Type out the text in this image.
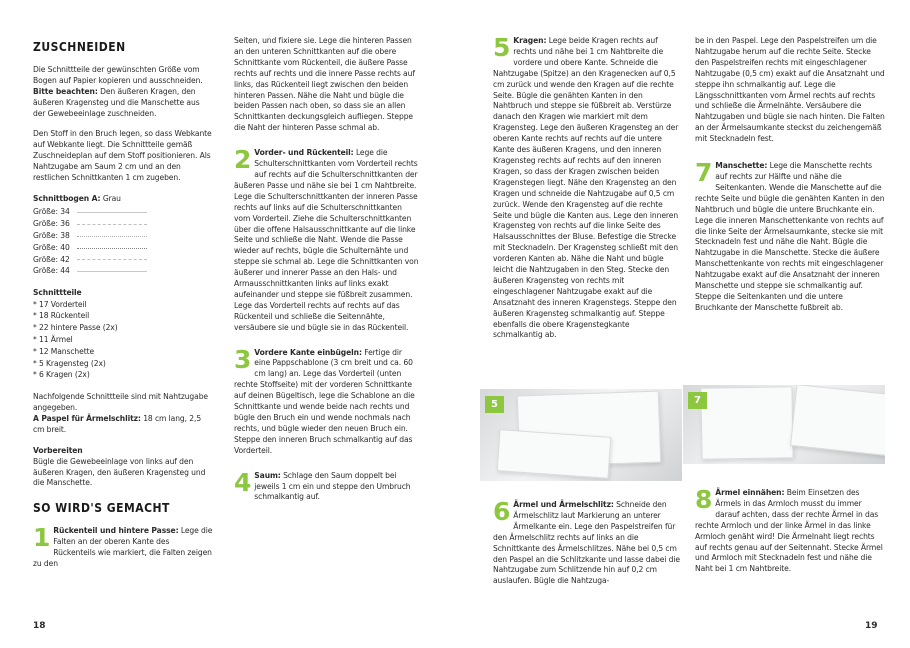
ZUSCHNEIDEN

Die Schnittteile der gewünschten Größe vom Bogen auf Papier kopieren und ausschneiden.
Bitte beachten: Den äußeren Kragen, den äußeren Kragensteg und die Manschette aus der Gewebeeinlage zuschneiden.

Den Stoff in den Bruch legen, so dass Webkante auf Webkante liegt. Die Schnittteile gemäß Zuschneideplan auf dem Stoff positionieren. Als Nahtzugabe am Saum 2 cm und an den restlichen Schnittkanten 1 cm zugeben.

Schnittbogen A: Grau
Größe: 34
Größe: 36
Größe: 38
Größe: 40
Größe: 42
Größe: 44
Schnittteile
* 17 Vorderteil
* 18 Rückenteil
* 22 hintere Passe (2x)
* 11 Ärmel
* 12 Manschette
* 5 Kragensteg (2x)
* 6 Kragen (2x)

Nachfolgende Schnittteile sind mit Nahtzugabe angegeben.
A Paspel für Ärmelschlitz: 18 cm lang, 2,5 cm breit.

Vorbereiten

Bügle die Gewebeeinlage von links auf den äußeren Kragen, den äußeren Kragensteg und die Manschette.

SO WIRD'S GEMACHT
1 Rückenteil und hintere Passe: Lege die Falten an der oberen Kante des Rückenteils wie markiert, die Falten zeigen zu den

Seiten, und fixiere sie. Lege die hinteren Passen an den unteren Schnittkanten auf die obere Schnittkante vom Rückenteil, die äußere Passe rechts auf rechts und die innere Passe rechts auf links, das Rückenteil liegt zwischen den beiden hinteren Passen. Nähe die Naht und bügle die beiden Passen nach oben, so dass sie an allen Schnittkanten deckungsgleich aufliegen. Steppe die Naht der hinteren Passe schmal ab.

2 Vorder- und Rückenteil: Lege die Schulterschnittkanten vom Vorderteil rechts auf rechts auf die Schulterschnittkanten der äußeren Passe und nähe sie bei 1 cm Nahtbreite. Lege die Schulterschnittkanten der inneren Passe rechts auf links auf die Schulterschnittkanten vom Vorderteil. Ziehe die Schulterschnittkanten über die offene Halsausschnittkante auf die linke Seite und schließe die Naht. Wende die Passe wieder auf rechts, bügle die Schulternähte und steppe sie schmal ab. Lege die Schnittkanten von äußerer und innerer Passe an den Hals- und Armausschnittkanten links auf links exakt aufeinander und steppe sie füßbreit zusammen. Lege das Vorderteil rechts auf rechts auf das Rückenteil und schließe die Seitennähte, versäubere sie und bügle sie in das Rückenteil.
3 Vordere Kante einbügeln: Fertige dir eine Pappschablone (3 cm breit und ca. 60 cm lang) an. Lege das Vorderteil (unten rechte Stoffseite) mit der vorderen Schnittkante auf deinen Bügeltisch, lege die Schablone an die Schnittkante und wende beide nach rechts und bügle den Bruch ein und wende nochmals nach rechts, und bügle wieder den neuen Bruch ein. Steppe den inneren Bruch schmalkantig auf das Vorderteil.
4 Saum: Schlage den Saum doppelt bei jeweils 1 cm ein und steppe den Umbruch schmalkantig auf.
18
5 Kragen: Lege beide Kragen rechts auf rechts und nähe bei 1 cm Nahtbreite die vordere und obere Kante. Schneide die Nahtzugabe (Spitze) an den Kragenecken auf 0,5 cm zurück und wende den Kragen auf die rechte Seite. Bügle die genähten Kanten in den Nahtbruch und steppe sie füßbreit ab. Verstürze danach den Kragen wie markiert mit dem Kragensteg. Lege den äußeren Kragensteg an der oberen Kante rechts auf rechts auf die untere Kante des äußeren Kragens, und den inneren Kragensteg rechts auf rechts auf den inneren Kragen, so dass der Kragen zwischen beiden Kragenstegen liegt. Nähe den Kragensteg an den Kragen und schneide die Nahtzugabe auf 0,5 cm zurück. Wende den Kragensteg auf die rechte Seite und bügle die Kanten aus. Lege den inneren Kragensteg von rechts auf die linke Seite des Halsausschnittes der Bluse. Befestige die Strecke mit Stecknadeln. Der Kragensteg schließt mit den vorderen Kanten ab. Nähe die Naht und bügle leicht die Nahtzugaben in den Steg. Stecke den äußeren Kragensteg von rechts mit eingeschlagener Nahtzugabe exakt auf die Ansatznaht des inneren Kragenstegs. Steppe den äußeren Kragensteg schmalkantig auf. Steppe ebenfalls die obere Kragenstegkante schmalkantig ab.

be in den Paspel. Lege den Paspelstreifen um die Nahtzugabe herum auf die rechte Seite. Stecke den Paspelstreifen rechts mit eingeschlagener Nahtzugabe (0,5 cm) exakt auf die Ansatznaht und steppe ihn schmalkantig auf. Lege die Längsschnittkanten vom Ärmel rechts auf rechts und schließe die Ärmelnähte. Versäubere die Nahtzugaben und bügle sie nach hinten. Die Falten an der Ärmelsaumkante steckst du zeichengemäß mit Stecknadeln fest.

7 Manschette: Lege die Manschette rechts auf rechts zur Hälfte und nähe die Seitenkanten. Wende die Manschette auf die rechte Seite und bügle die genähten Kanten in den Nahtbruch und bügle die untere Bruchkante ein. Lege die inneren Manschettenkante von rechts auf die linke Seite der Ärmelsaumkante, stecke sie mit Stecknadeln fest und nähe die Naht. Bügle die Nahtzugabe in die Manschette. Stecke die äußere Manschettenkante von rechts mit eingeschlagener Nahtzugabe exakt auf die Ansatznaht der inneren Manschette und steppe sie schmalkantig auf. Steppe die Seitenkanten und die untere Bruchkante der Manschette fußbreit ab.
5	7
6 Ärmel und Ärmelschlitz: Schneide den Ärmelschlitz laut Markierung an unterer Ärmelkante ein. Lege den Paspelstreifen für den Ärmelschlitz rechts auf links an die Schnittkante des Ärmelschlitzes. Nähe bei 0,5 cm den Paspel an die Schlitzkante und lasse dabei die Nahtzugabe zum Schlitzende hin auf 0,2 cm auslaufen. Bügle die Nahtzuga-
8 Ärmel einnähen: Beim Einsetzen des Ärmels in das Armloch musst du immer darauf achten, dass der rechte Ärmel in das rechte Armloch und der linke Ärmel in das linke Armloch genäht wird! Die Ärmelnaht liegt rechts auf rechts genau auf der Seitennaht. Stecke Ärmel und Armloch mit Stecknadeln fest und nähe die Naht bei 1 cm Nahtbreite.
19
